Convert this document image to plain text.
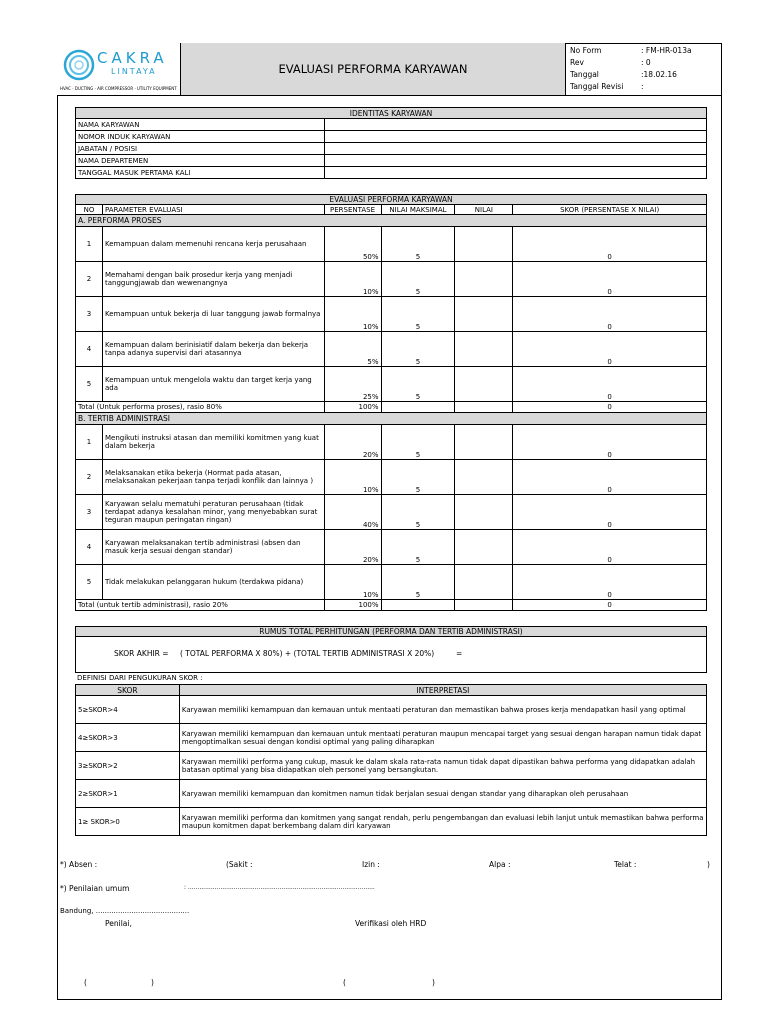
CAKRA
LINTAYA
HVAC · DUCTING · AIR COMPRESSOR · UTILITY EQUIPMENT
EVALUASI PERFORMA KARYAWAN
No Form	: FM-HR-013a
Rev	: 0
Tanggal	:18.02.16
Tanggal Revisi	:
IDENTITAS KARYAWAN	
NAMA KARYAWAN	
NOMOR INDUK KARYAWAN	
JABATAN / POSISI	
NAMA DEPARTEMEN	
TANGGAL MASUK PERTAMA KALI	
EVALUASI PERFORMA KARYAWAN					
NO	PARAMETER EVALUASI	PERSENTASE	NILAI MAKSIMAL	NILAI	SKOR (PERSENTASE X NILAI)
A. PERFORMA PROSES					
1	Kemampuan dalam memenuhi rencana kerja perusahaan	50%	5		0
2	Memahami dengan baik prosedur kerja yang menjadi tanggungjawab dan wewenangnya	10%	5		0
3	Kemampuan untuk bekerja di luar tanggung jawab formalnya	10%	5		0
4	Kemampuan dalam berinisiatif dalam bekerja dan bekerja tanpa adanya supervisi dari atasannya	5%	5		0
5	Kemampuan untuk mengelola waktu dan target kerja yang ada	25%	5		0
Total (Untuk performa proses), rasio 80%		100%			0
B. TERTIB ADMINISTRASI					
1	Mengikuti instruksi atasan dan memiliki komitmen yang kuat dalam bekerja	20%	5		0
2	Melaksanakan etika bekerja (Hormat pada atasan, melaksanakan pekerjaan tanpa terjadi konflik dan lainnya )	10%	5		0
3	Karyawan selalu mematuhi peraturan perusahaan (tidak terdapat adanya kesalahan minor, yang menyebabkan surat teguran maupun peringatan ringan)	40%	5		0
4	Karyawan melaksanakan tertib administrasi (absen dan masuk kerja sesuai dengan standar)	20%	5		0
5	Tidak melakukan pelanggaran hukum (terdakwa pidana)	10%	5		0
Total (untuk tertib administrasi), rasio 20%		100%			0
RUMUS TOTAL PERHITUNGAN (PERFORMA DAN TERTIB ADMINISTRASI)

SKOR AKHIR = ( TOTAL PERFORMA X 80%) + (TOTAL TERTIB ADMINISTRASI X 20%)	=
DEFINISI DARI PENGUKURAN SKOR :
SKOR	INTERPRETASI
5≥SKOR>4	Karyawan memiliki kemampuan dan kemauan untuk mentaati peraturan dan memastikan bahwa proses kerja mendapatkan hasil yang optimal
4≥SKOR>3	Karyawan memiliki kemampuan dan kemauan untuk mentaati peraturan maupun mencapai target yang sesuai dengan harapan namun tidak dapat mengoptimalkan sesuai dengan kondisi optimal yang paling diharapkan
3≥SKOR>2	Karyawan memiliki performa yang cukup, masuk ke dalam skala rata-rata namun tidak dapat dipastikan bahwa performa yang didapatkan adalah batasan optimal yang bisa didapatkan oleh personel yang bersangkutan.
2≥SKOR>1	Karyawan memiliki kemampuan dan komitmen namun tidak berjalan sesuai dengan standar yang diharapkan oleh perusahaan
1≥ SKOR>0	Karyawan memiliki performa dan komitmen yang sangat rendah, perlu pengembangan dan evaluasi lebih lanjut untuk memastikan bahwa performa maupun komitmen dapat berkembang dalam diri karyawan
*) Absen :	(Sakit :	Izin :	Alpa :	Telat :	)
*) Penilaian umum	: ..................................................................................................
Bandung, ..........................................
Penilai,	Verifikasi oleh HRD
(	)	(	)
